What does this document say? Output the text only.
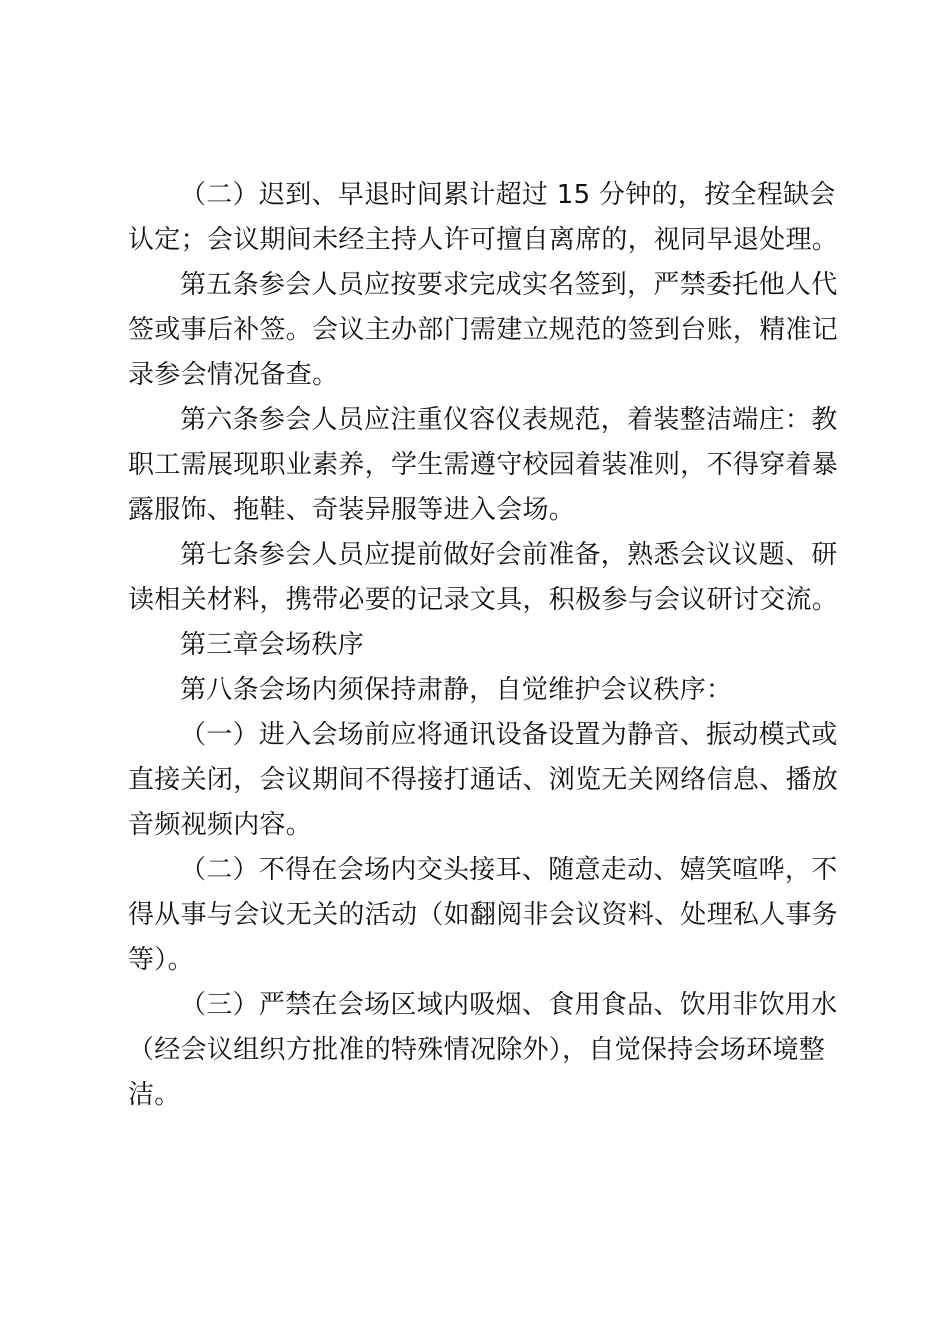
（二）迟到、早退时间累计超过 15 分钟的，按全程缺会
认定；会议期间未经主持人许可擅自离席的，视同早退处理。

第五条参会人员应按要求完成实名签到，严禁委托他人代
签或事后补签。会议主办部门需建立规范的签到台账，精准记
录参会情况备查。

第六条参会人员应注重仪容仪表规范，着装整洁端庄：教
职工需展现职业素养，学生需遵守校园着装准则，不得穿着暴
露服饰、拖鞋、奇装异服等进入会场。

第七条参会人员应提前做好会前准备，熟悉会议议题、研
读相关材料，携带必要的记录文具，积极参与会议研讨交流。

第三章会场秩序

第八条会场内须保持肃静，自觉维护会议秩序：

（一）进入会场前应将通讯设备设置为静音、振动模式或
直接关闭，会议期间不得接打通话、浏览无关网络信息、播放
音频视频内容。

（二）不得在会场内交头接耳、随意走动、嬉笑喧哗，不
得从事与会议无关的活动（如翻阅非会议资料、处理私人事务
等）。

（三）严禁在会场区域内吸烟、食用食品、饮用非饮用水
（经会议组织方批准的特殊情况除外），自觉保持会场环境整
洁。
